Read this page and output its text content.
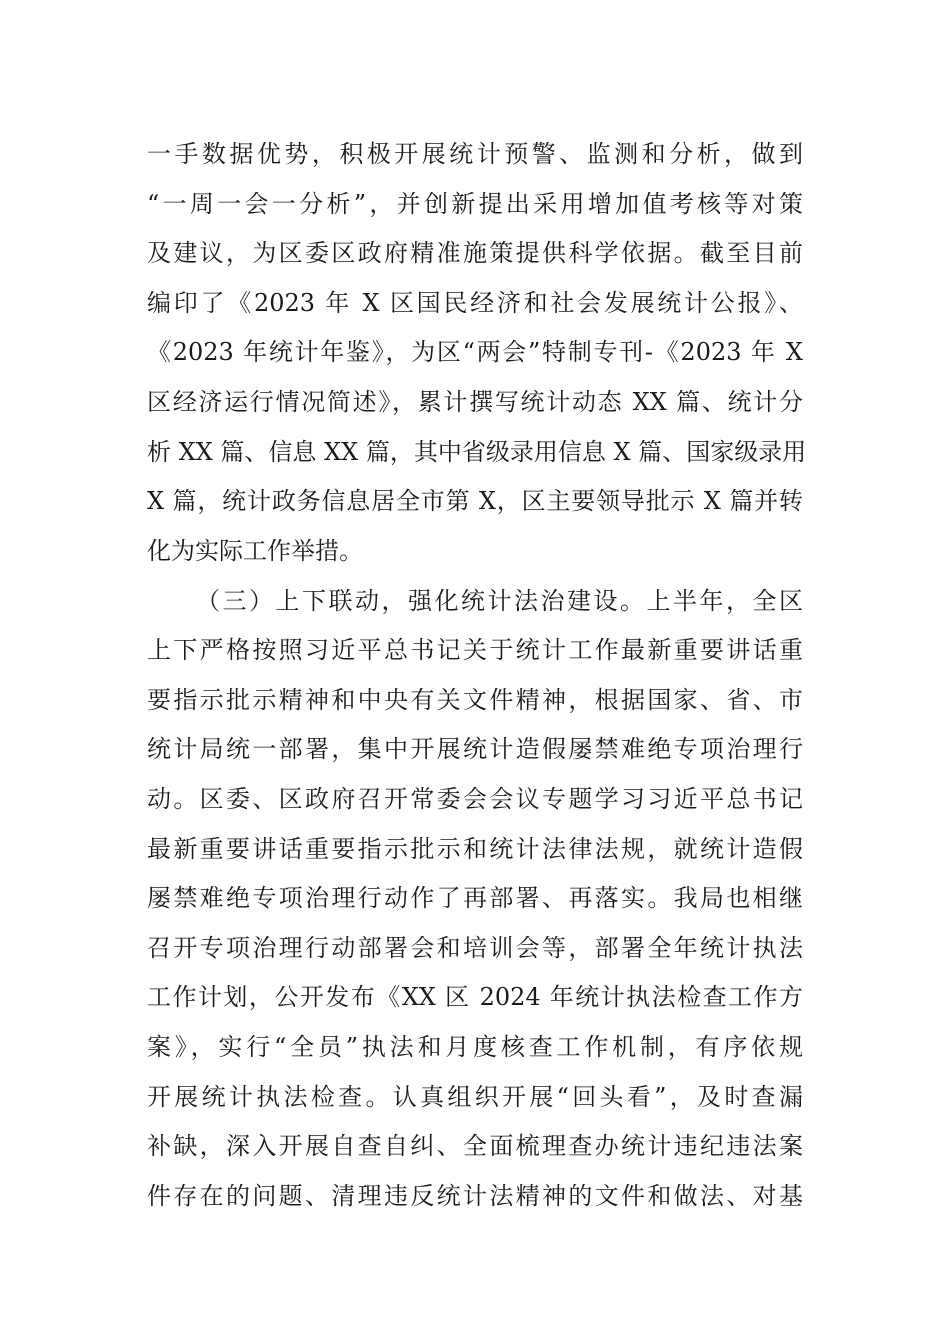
一手数据优势，积极开展统计预警、监测和分析，做到
“一周一会一分析”，并创新提出采用增加值考核等对策
及建议，为区委区政府精准施策提供科学依据。截至目前
编印了《2023 年 X 区国民经济和社会发展统计公报》、
《2023 年统计年鉴》，为区“两会”特制专刊-《2023 年 X
区经济运行情况简述》，累计撰写统计动态 XX 篇、统计分
析 XX 篇、信息 XX 篇，其中省级录用信息 X 篇、国家级录用
X 篇，统计政务信息居全市第 X，区主要领导批示 X 篇并转
化为实际工作举措。
（三）上下联动，强化统计法治建设。上半年，全区
上下严格按照习近平总书记关于统计工作最新重要讲话重
要指示批示精神和中央有关文件精神，根据国家、省、市
统计局统一部署，集中开展统计造假屡禁难绝专项治理行
动。区委、区政府召开常委会会议专题学习习近平总书记
最新重要讲话重要指示批示和统计法律法规，就统计造假
屡禁难绝专项治理行动作了再部署、再落实。我局也相继
召开专项治理行动部署会和培训会等，部署全年统计执法
工作计划，公开发布《XX 区 2024 年统计执法检查工作方
案》，实行“全员”执法和月度核查工作机制，有序依规
开展统计执法检查。认真组织开展“回头看”，及时查漏
补缺，深入开展自查自纠、全面梳理查办统计违纪违法案
件存在的问题、清理违反统计法精神的文件和做法、对基
